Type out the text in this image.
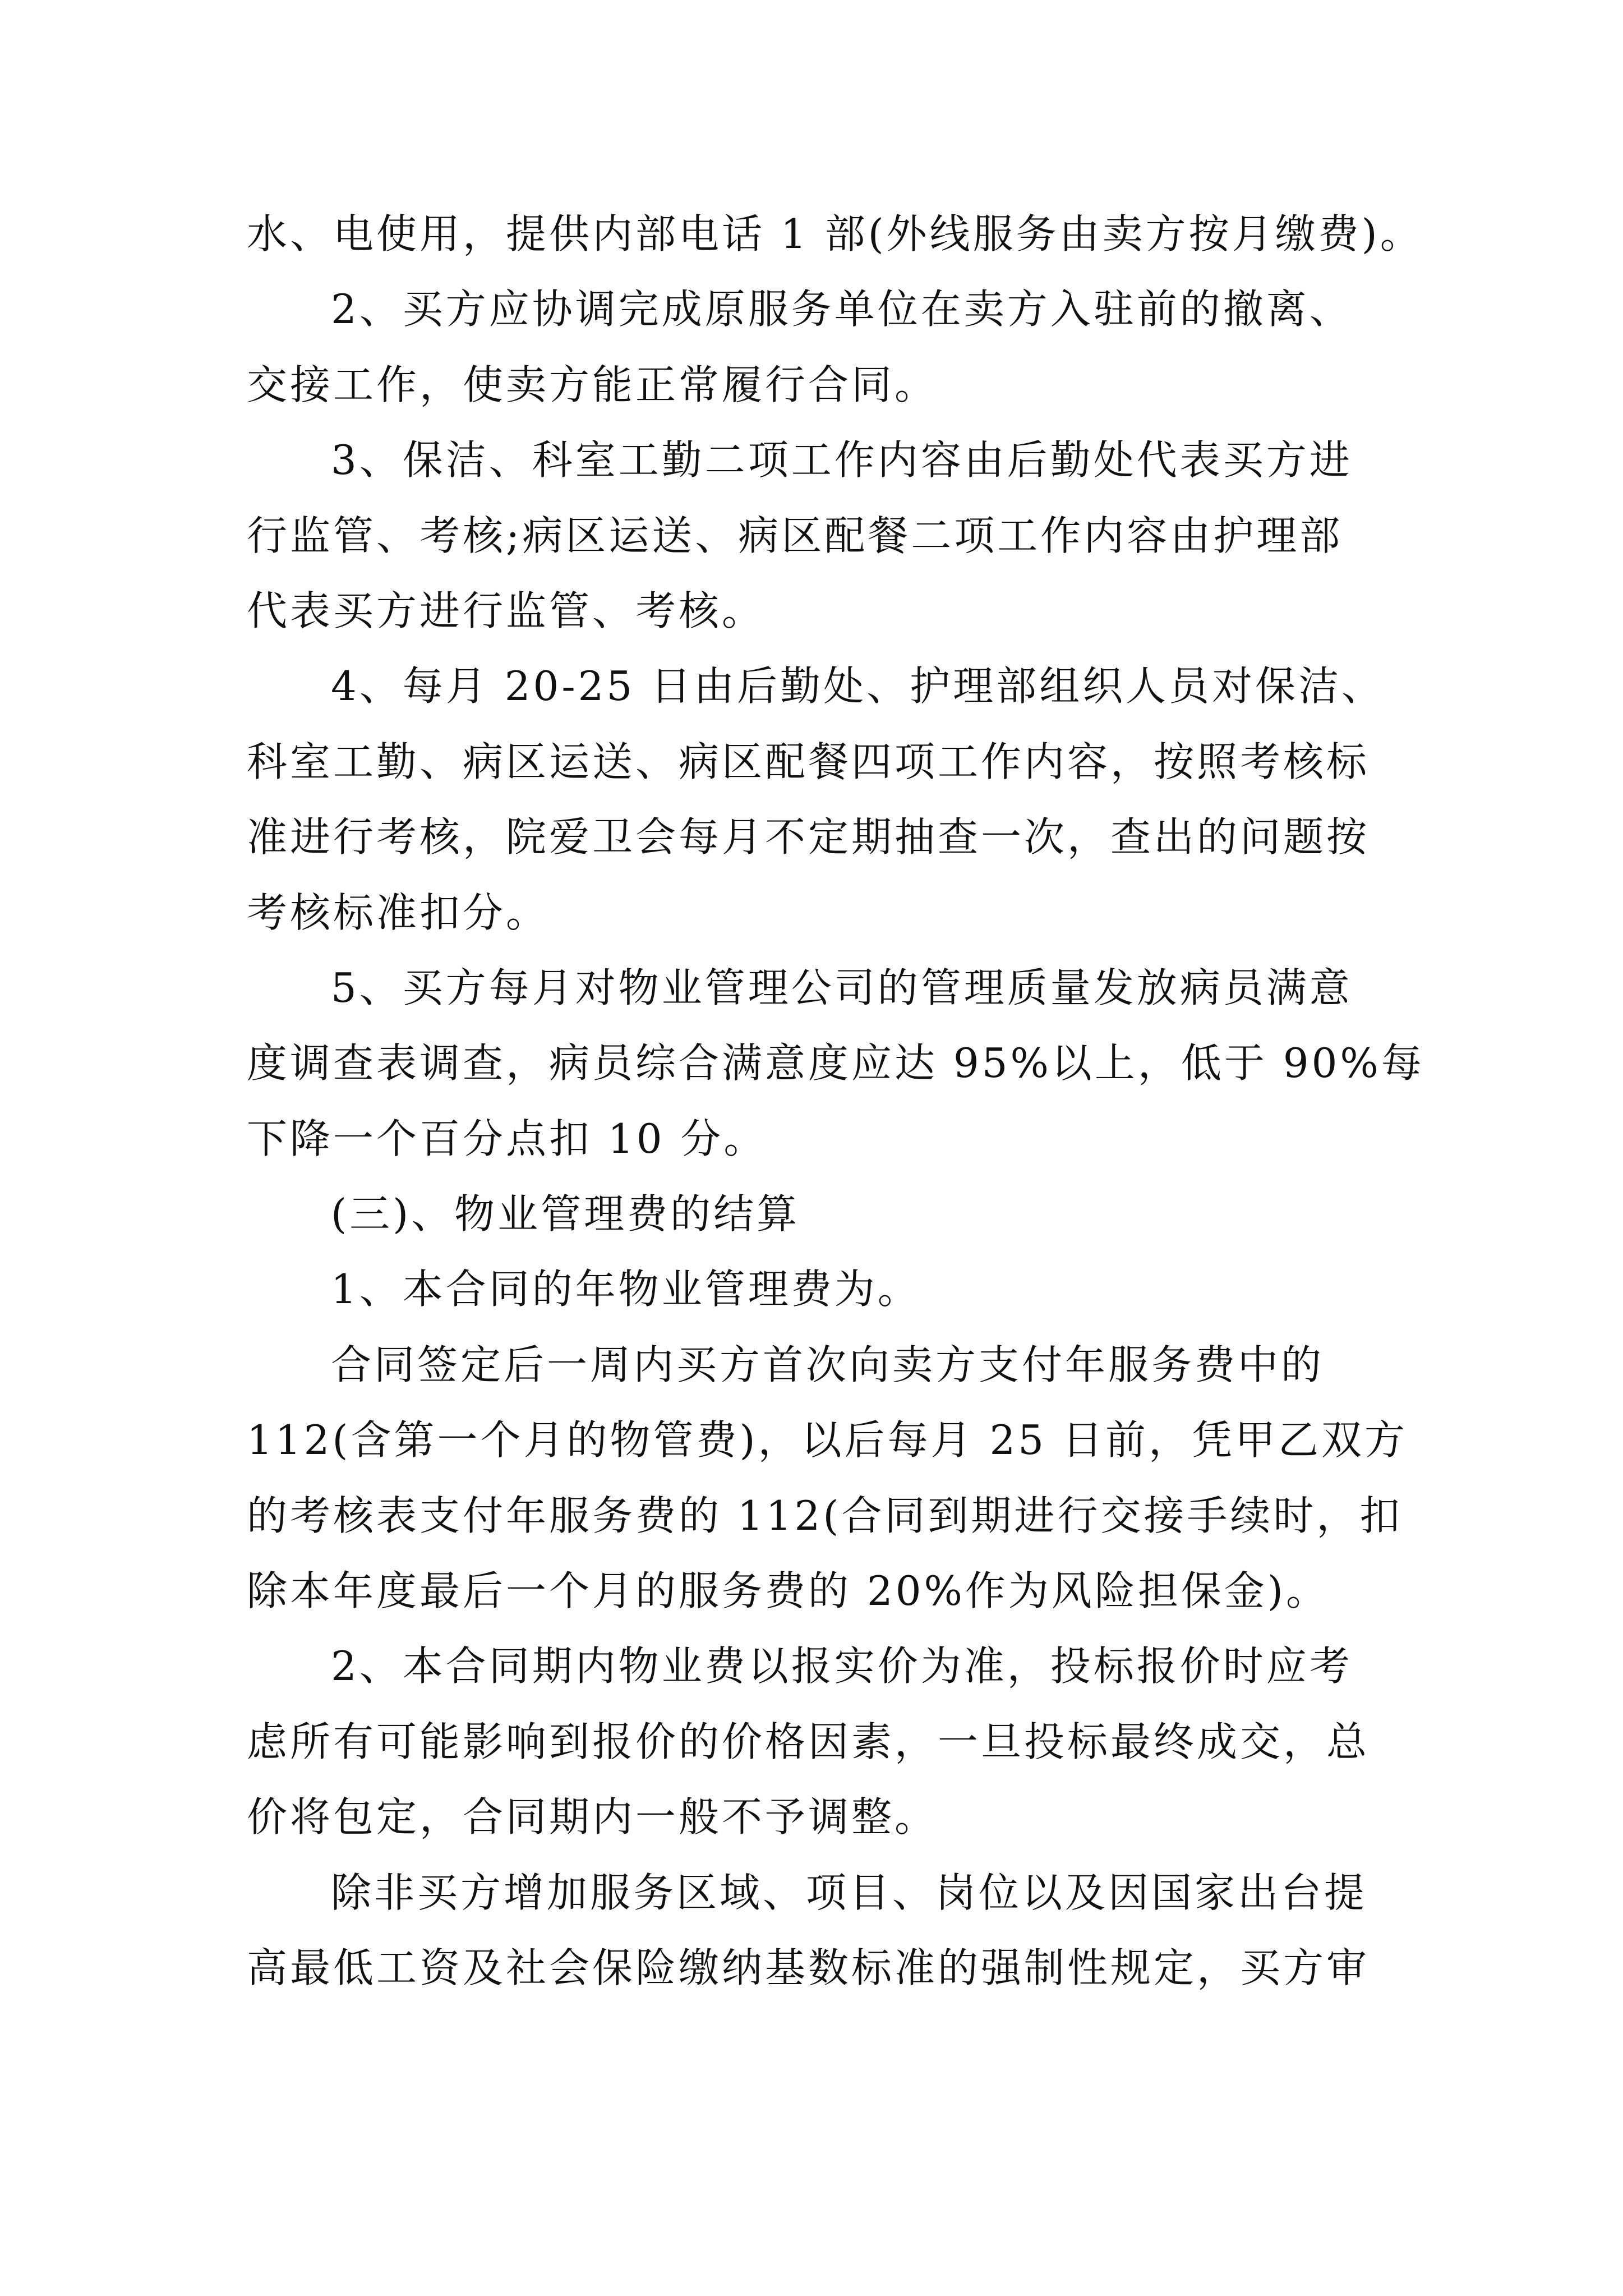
水、电使用，提供内部电话 1 部(外线服务由卖方按月缴费)。
2、买方应协调完成原服务单位在卖方入驻前的撤离、
交接工作，使卖方能正常履行合同。
3、保洁、科室工勤二项工作内容由后勤处代表买方进
行监管、考核;病区运送、病区配餐二项工作内容由护理部
代表买方进行监管、考核。
4、每月 20-25 日由后勤处、护理部组织人员对保洁、
科室工勤、病区运送、病区配餐四项工作内容，按照考核标
准进行考核，院爱卫会每月不定期抽查一次，查出的问题按
考核标准扣分。
5、买方每月对物业管理公司的管理质量发放病员满意
度调查表调查，病员综合满意度应达 95%以上，低于 90%每
下降一个百分点扣 10 分。
(三)、物业管理费的结算
1、本合同的年物业管理费为。
合同签定后一周内买方首次向卖方支付年服务费中的
112(含第一个月的物管费)，以后每月 25 日前，凭甲乙双方
的考核表支付年服务费的 112(合同到期进行交接手续时，扣
除本年度最后一个月的服务费的 20%作为风险担保金)。
2、本合同期内物业费以报实价为准，投标报价时应考
虑所有可能影响到报价的价格因素，一旦投标最终成交，总
价将包定，合同期内一般不予调整。
除非买方增加服务区域、项目、岗位以及因国家出台提
高最低工资及社会保险缴纳基数标准的强制性规定，买方审
